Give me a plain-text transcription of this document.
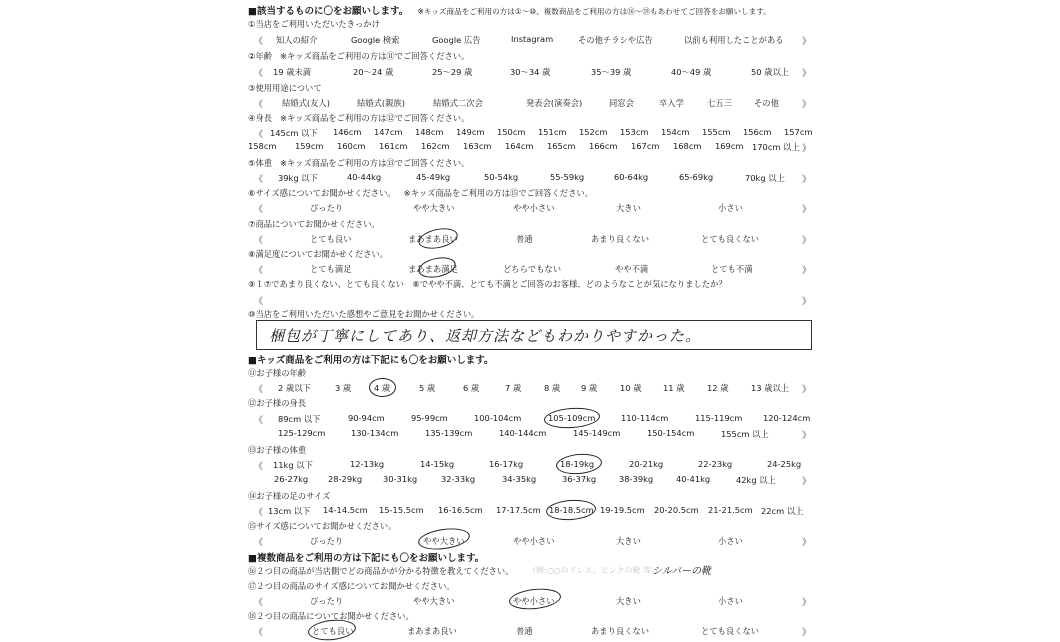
■該当するものに〇をお願いします。 ※キッズ商品をご利用の方は①〜⑩、複数商品をご利用の方は⑯〜⑲もあわせてご回答をお願いします。
①当店をご利用いただいたきっかけ
《 知人の紹介	Google 検索	Google 広告	Instagram	その他チラシや広告	以前も利用したことがある 》
②年齢 ※キッズ商品をご利用の方は⑪でご回答ください。
《 19 歳未満	20〜24 歳	25〜29 歳	30〜34 歳	35〜39 歳	40〜49 歳	50 歳以上 》
③使用用途について
《 結婚式(友人)	結婚式(親族)	結婚式二次会	発表会(演奏会)	同窓会	卒入学	七五三	その他	》
④身長 ※キッズ商品をご利用の方は⑫でご回答ください。
《 145cm 以下 146cm 147cm 148cm 149cm 150cm 151cm 152cm 153cm 154cm 155cm 156cm 157cm
158cm 159cm 160cm 161cm 162cm 163cm 164cm 165cm 166cm 167cm 168cm 169cm 170cm 以上 》
⑤体重 ※キッズ商品をご利用の方は⑬でご回答ください。
《 39kg 以下	40-44kg	45-49kg	50-54kg	55-59kg	60-64kg	65-69kg	70kg 以上 》
⑥サイズ感についてお聞かせください。 ※キッズ商品をご利用の方は⑮でご回答ください。
《	ぴったり	やや大きい	やや小さい	大きい	小さい	》
⑦商品についてお聞かせください。
《	とても良い	まあまあ良い	普通	あまり良くない	とても良くない	》
⑧満足度についてお聞かせください。
《	とても満足	まあまあ満足	どちらでもない	やや不満	とても不満	》
⑨１⑦であまり良くない、とても良くない　⑧でやや不満、とても不満とご回答のお客様、どのようなことが気になりましたか？
《	》
⑩当店をご利用いただいた感想やご意見をお聞かせください。
梱包が丁寧にしてあり、返却方法などもわかりやすかった。
■キッズ商品をご利用の方は下記にも〇をお願いします。
⑪お子様の年齢
《 2 歳以下	3 歳	4 歳	5 歳	6 歳	7 歳	8 歳	9 歳	10 歳	11 歳	12 歳	13 歳以上 》
⑫お子様の身長
《 89cm 以下	90-94cm	95-99cm	100-104cm	105-109cm	110-114cm	115-119cm 120-124cm
125-129cm	130-134cm	135-139cm	140-144cm	145-149cm	150-154cm	155cm 以上	》
⑬お子様の体重
《 11kg 以下	12-13kg	14-15kg	16-17kg	18-19kg	20-21kg	22-23kg	24-25kg
26-27kg 28-29kg	30-31kg	32-33kg	34-35kg	36-37kg	38-39kg	40-41kg	42kg 以上	》
⑭お子様の足のサイズ
《 13cm 以下 14-14.5cm 15-15.5cm 16-16.5cm 17-17.5cm 18-18.5cm 19-19.5cm 20-20.5cm 21-21.5cm 22cm 以上
⑮サイズ感についてお聞かせください。
《	ぴったり	やや大きい	やや小さい	大きい	小さい	》
■複数商品をご利用の方は下記にも〇をお願いします。
⑯２つ目の商品が当店側でどの商品かが分かる特徴を教えてください。 （例:○○のドレス、ピンクの靴 等）
シルバーの靴
⑰２つ目の商品のサイズ感についてお聞かせください。
《	ぴったり	やや大きい	やや小さい	大きい	小さい	》
⑱２つ目の商品についてお聞かせください。
《	とても良い	まあまあ良い	普通	あまり良くない	とても良くない	》
